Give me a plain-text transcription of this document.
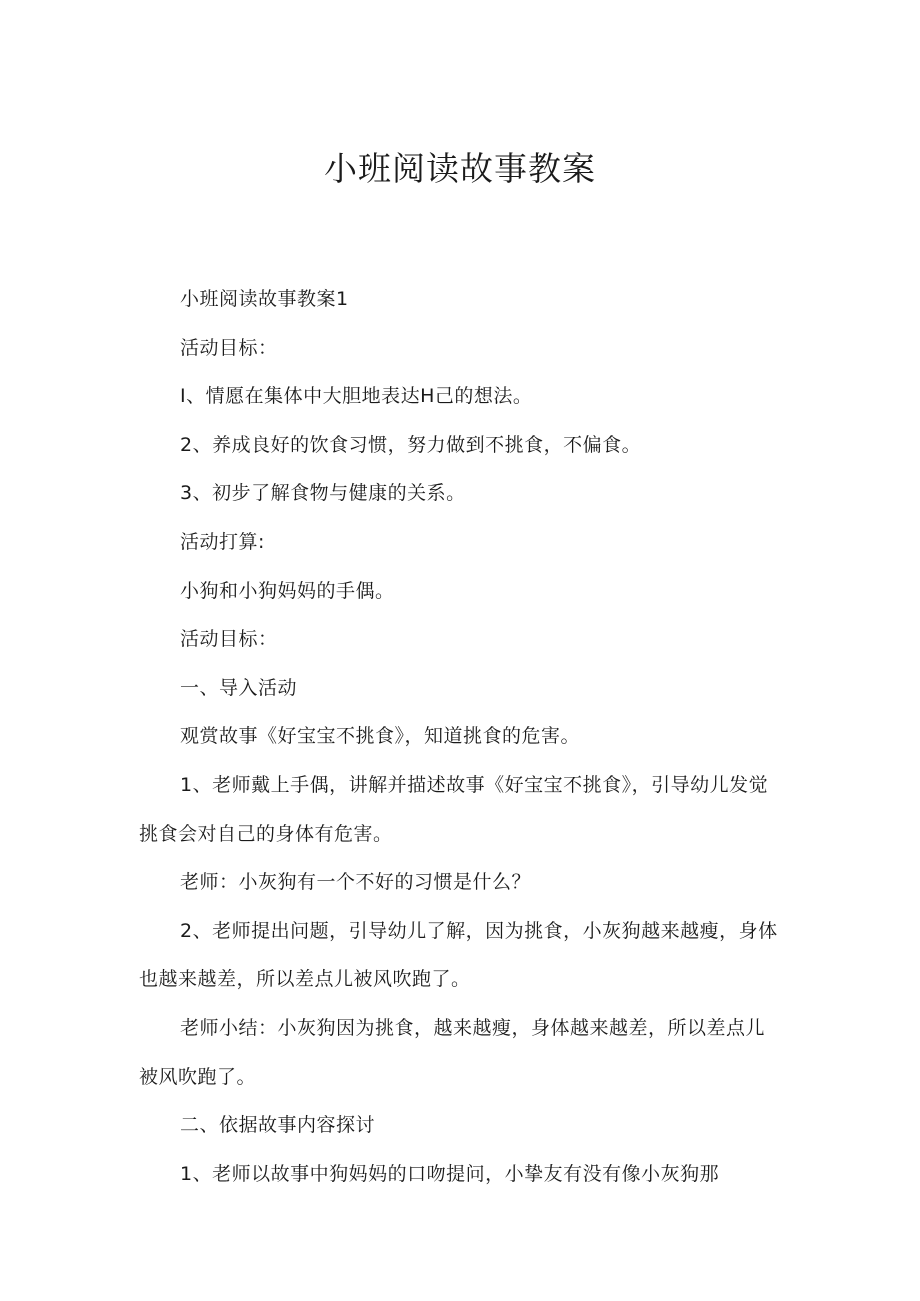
小班阅读故事教案

小班阅读故事教案1

活动目标：

I、情愿在集体中大胆地表达H己的想法。

2、养成良好的饮食习惯，努力做到不挑食，不偏食。

3、初步了解食物与健康的关系。

活动打算:

小狗和小狗妈妈的手偶。

活动目标：

一、导入活动

观赏故事《好宝宝不挑食》，知道挑食的危害。

1、老师戴上手偶，讲解并描述故事《好宝宝不挑食》，引导幼儿发觉挑食会对自己的身体有危害。

老师：小灰狗有一个不好的习惯是什么？

2、老师提出问题，引导幼儿了解，因为挑食，小灰狗越来越瘦，身体也越来越差，所以差点儿被风吹跑了。

老师小结：小灰狗因为挑食，越来越瘦，身体越来越差，所以差点儿被风吹跑了。

二、依据故事内容探讨

1、老师以故事中狗妈妈的口吻提问，小挚友有没有像小灰狗那
